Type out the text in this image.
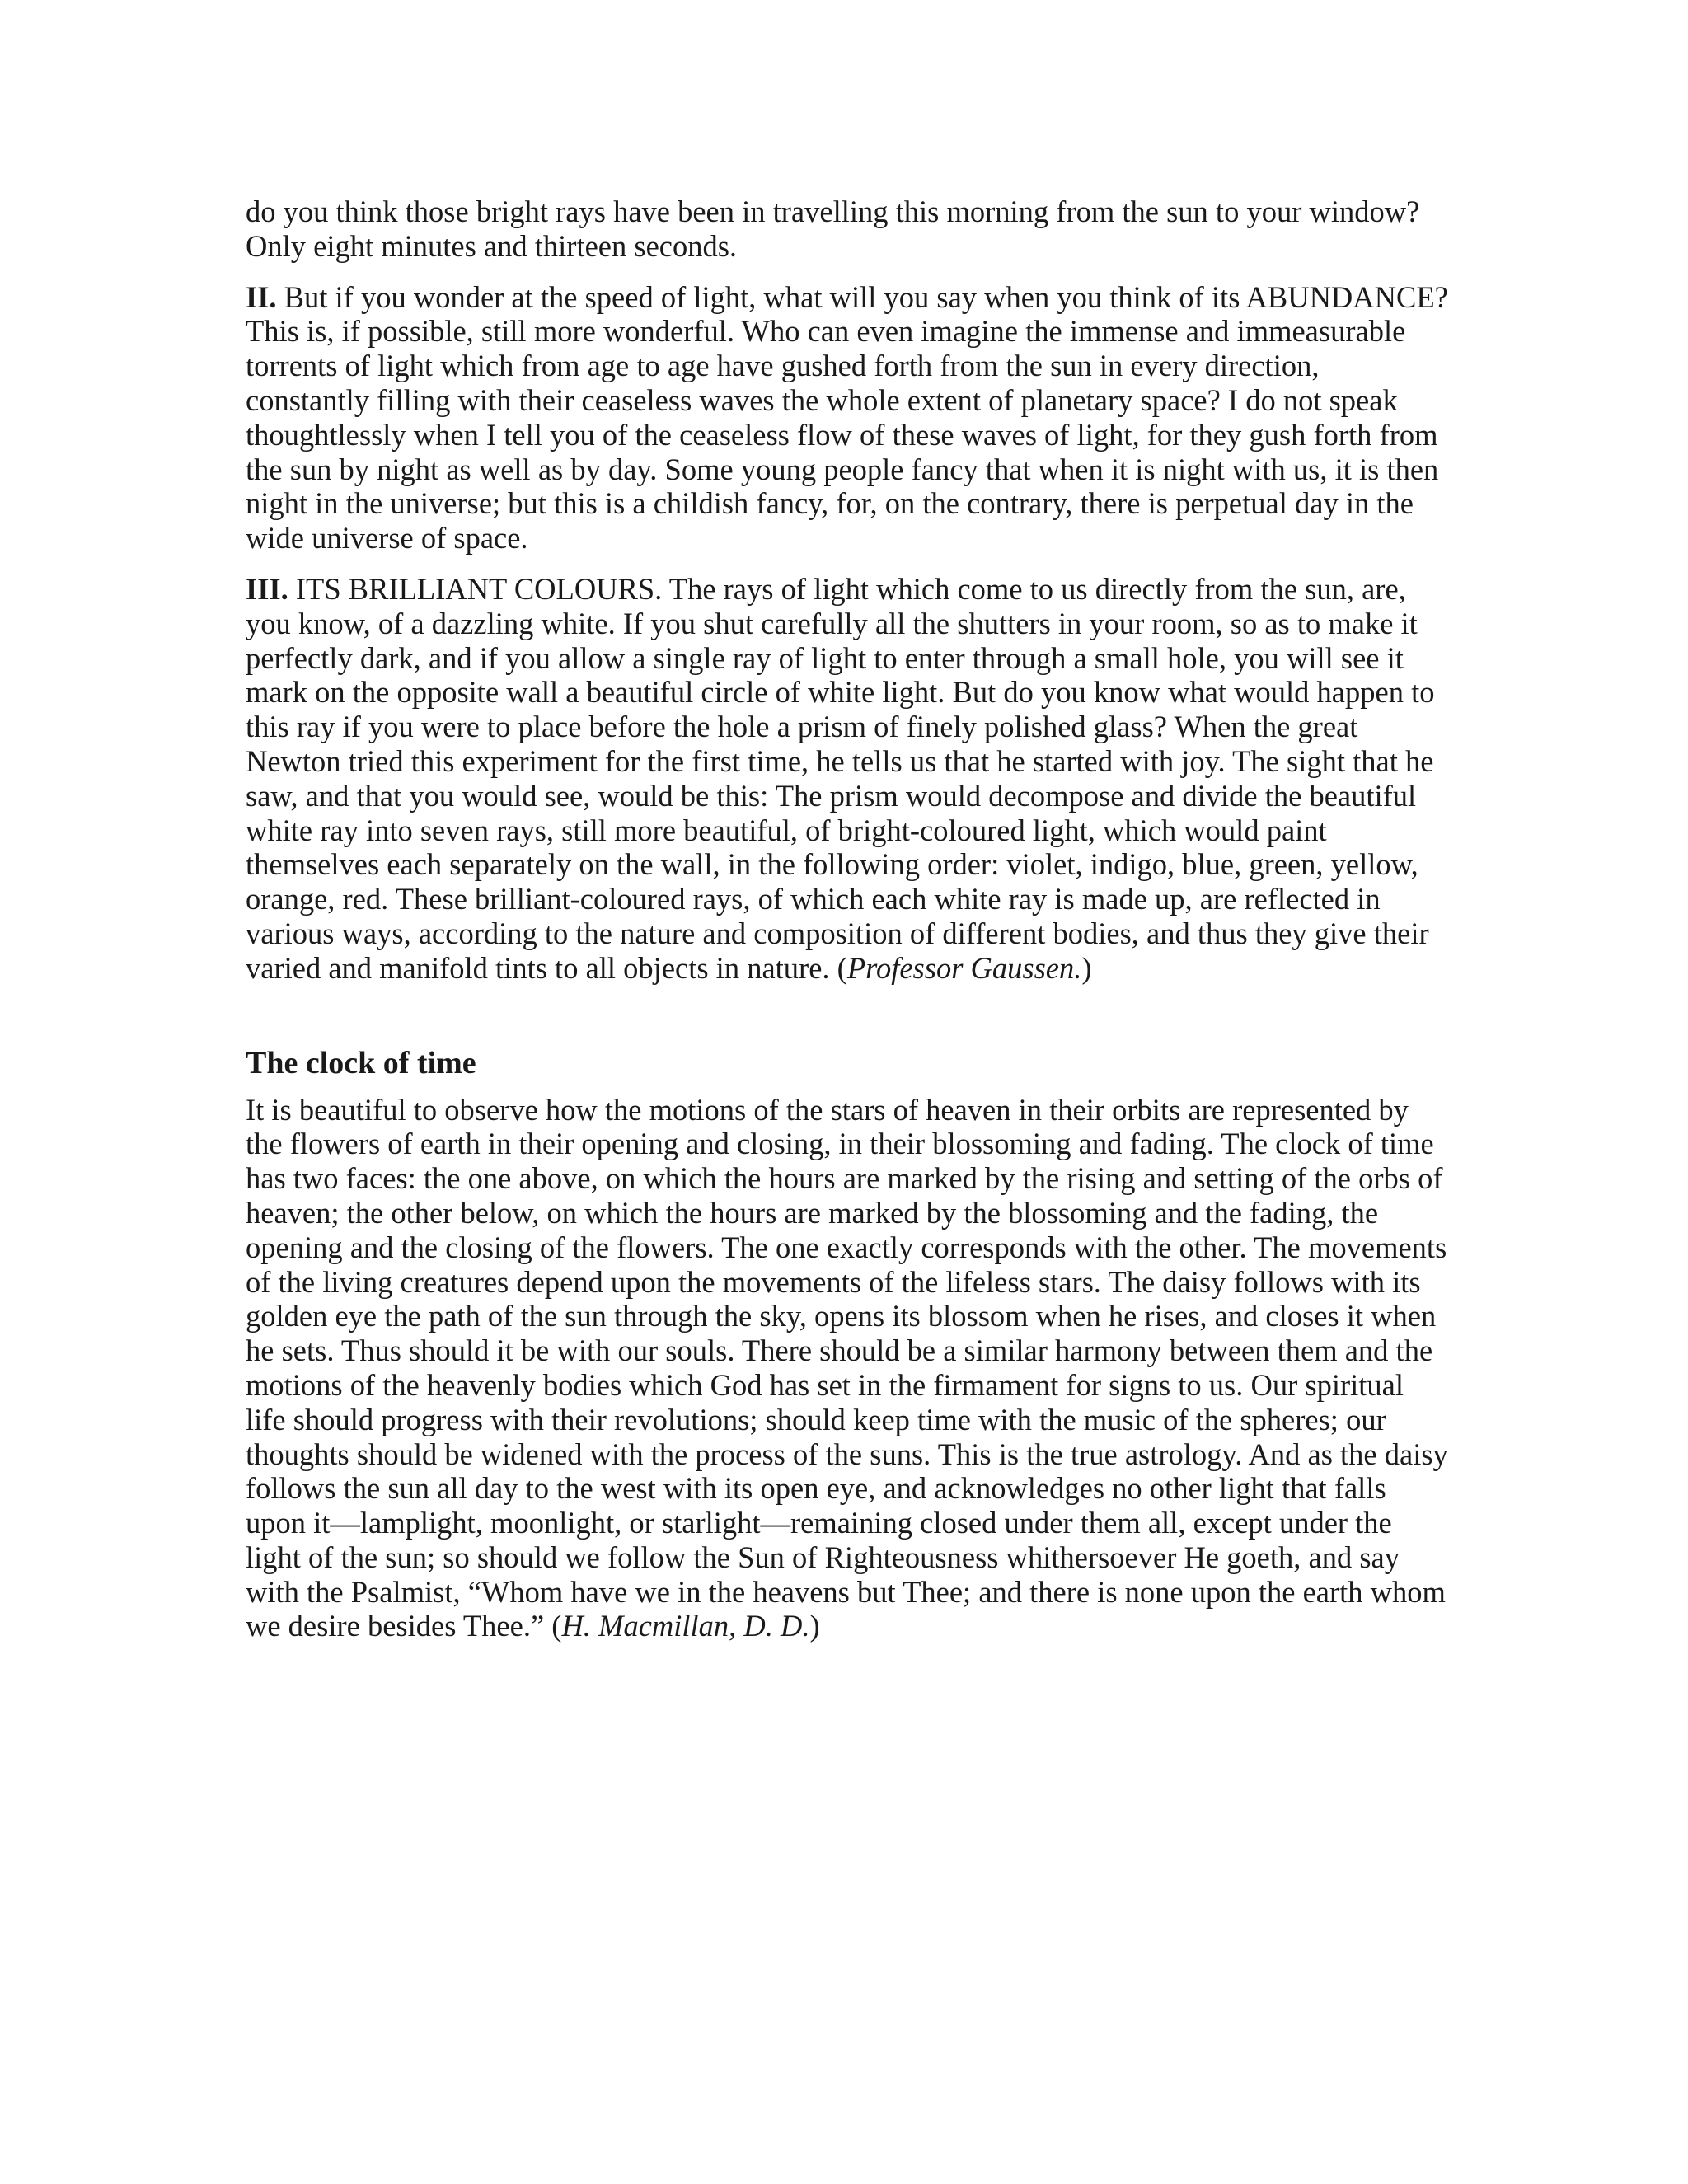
do you think those bright rays have been in travelling this morning from the sun to your window? Only eight minutes and thirteen seconds.

II. But if you wonder at the speed of light, what will you say when you think of its ABUNDANCE? This is, if possible, still more wonderful. Who can even imagine the immense and immeasurable torrents of light which from age to age have gushed forth from the sun in every direction, constantly filling with their ceaseless waves the whole extent of planetary space? I do not speak thoughtlessly when I tell you of the ceaseless flow of these waves of light, for they gush forth from the sun by night as well as by day. Some young people fancy that when it is night with us, it is then night in the universe; but this is a childish fancy, for, on the contrary, there is perpetual day in the wide universe of space.

III. ITS BRILLIANT COLOURS. The rays of light which come to us directly from the sun, are, you know, of a dazzling white. If you shut carefully all the shutters in your room, so as to make it perfectly dark, and if you allow a single ray of light to enter through a small hole, you will see it mark on the opposite wall a beautiful circle of white light. But do you know what would happen to this ray if you were to place before the hole a prism of finely polished glass? When the great Newton tried this experiment for the first time, he tells us that he started with joy. The sight that he saw, and that you would see, would be this: The prism would decompose and divide the beautiful white ray into seven rays, still more beautiful, of bright-coloured light, which would paint themselves each separately on the wall, in the following order: violet, indigo, blue, green, yellow, orange, red. These brilliant-coloured rays, of which each white ray is made up, are reflected in various ways, according to the nature and composition of different bodies, and thus they give their varied and manifold tints to all objects in nature. (Professor Gaussen.)

The clock of time

It is beautiful to observe how the motions of the stars of heaven in their orbits are represented by the flowers of earth in their opening and closing, in their blossoming and fading. The clock of time has two faces: the one above, on which the hours are marked by the rising and setting of the orbs of heaven; the other below, on which the hours are marked by the blossoming and the fading, the opening and the closing of the flowers. The one exactly corresponds with the other. The movements of the living creatures depend upon the movements of the lifeless stars. The daisy follows with its golden eye the path of the sun through the sky, opens its blossom when he rises, and closes it when he sets. Thus should it be with our souls. There should be a similar harmony between them and the motions of the heavenly bodies which God has set in the firmament for signs to us. Our spiritual life should progress with their revolutions; should keep time with the music of the spheres; our thoughts should be widened with the process of the suns. This is the true astrology. And as the daisy follows the sun all day to the west with its open eye, and acknowledges no other light that falls upon it—lamplight, moonlight, or starlight—remaining closed under them all, except under the light of the sun; so should we follow the Sun of Righteousness whithersoever He goeth, and say with the Psalmist, “Whom have we in the heavens but Thee; and there is none upon the earth whom we desire besides Thee.” (H. Macmillan, D. D.)
